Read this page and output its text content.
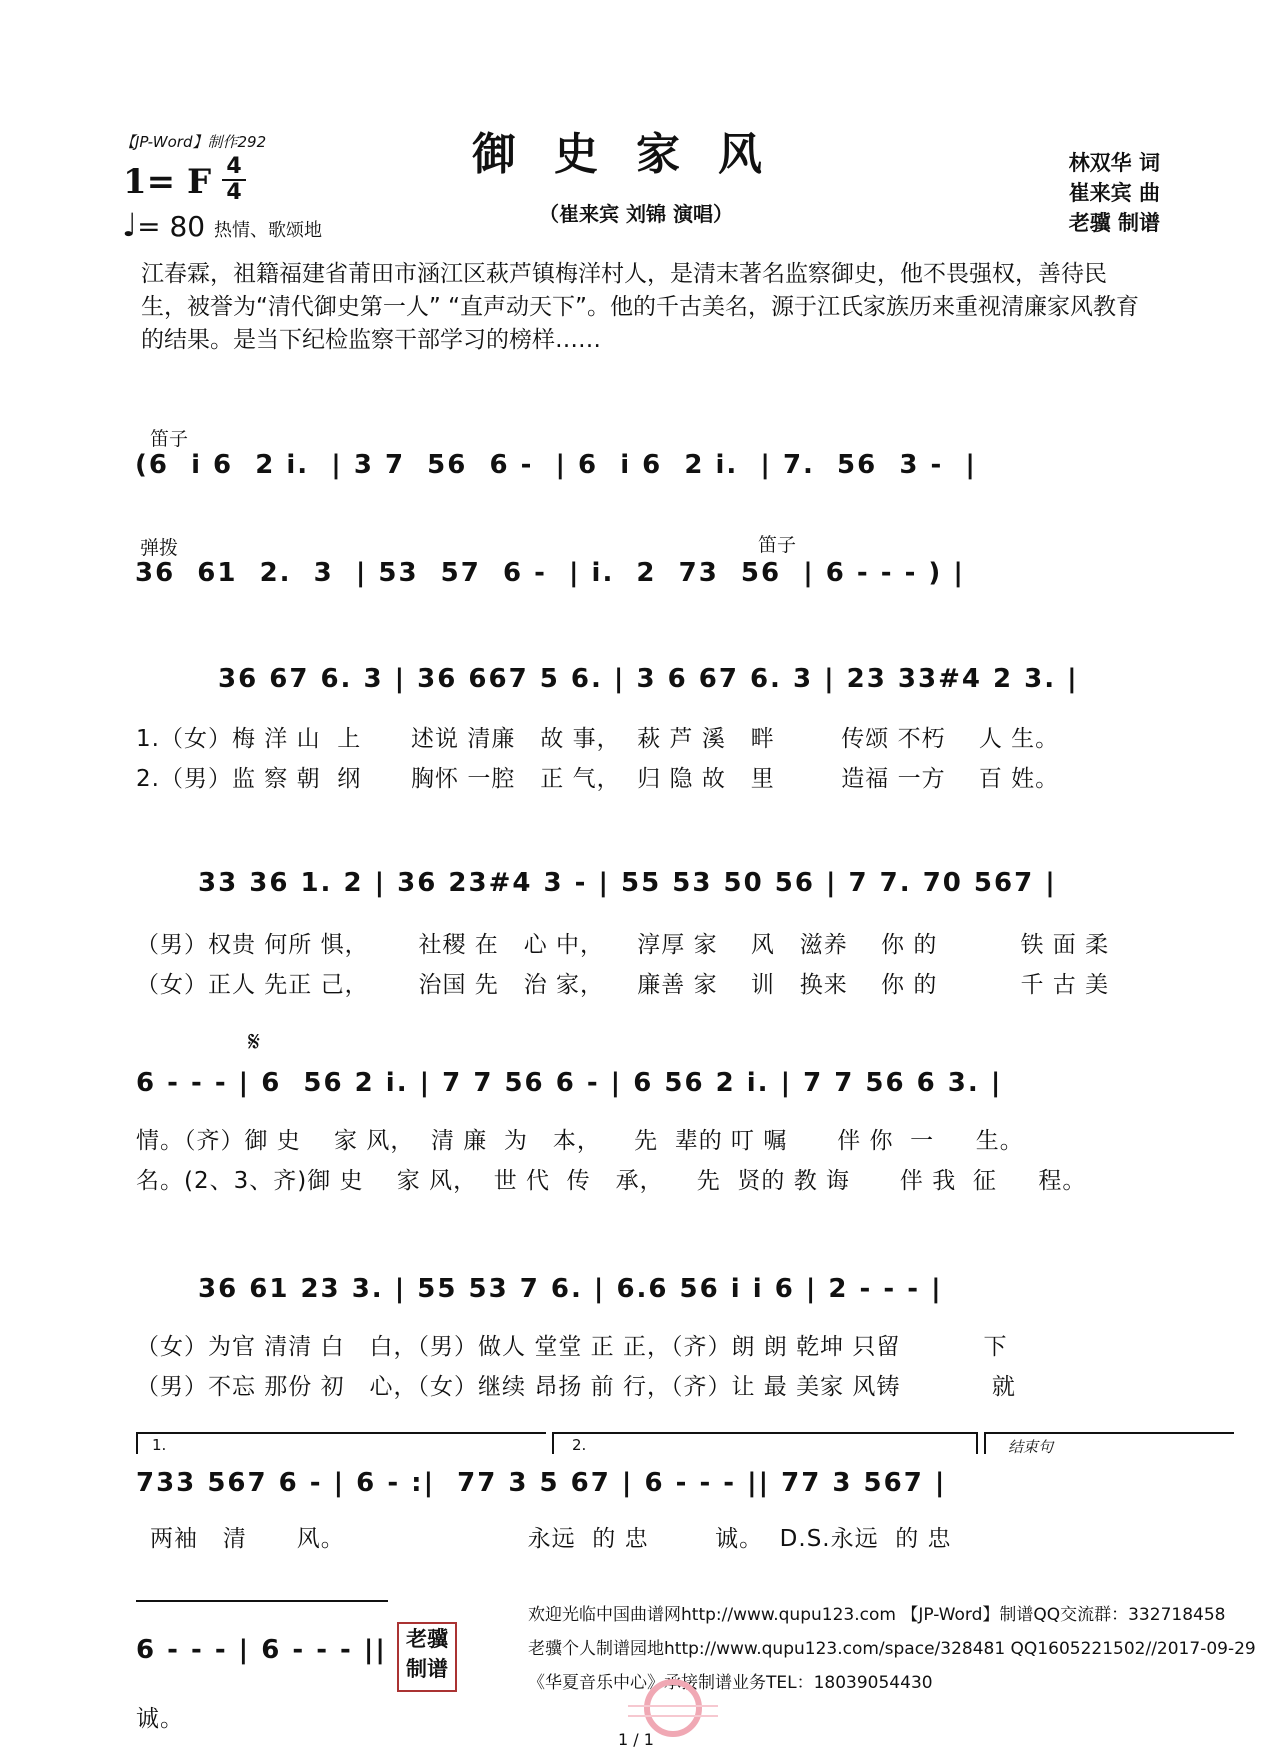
【JP-Word】制作292	御史家风
（崔来宾 刘锦 演唱）
1= F 4
4
♩= 80 热情、歌颂地
林双华 词
崔来宾 曲
老骥 制谱
江春霖，祖籍福建省莆田市涵江区萩芦镇梅洋村人，是清末著名监察御史，他不畏强权，善待民生，被誉为“清代御史第一人” “直声动天下”。他的千古美名，源于江氏家族历来重视清廉家风教育的结果。是当下纪检监察干部学习的榜样……
笛子
(6  i 6  2 i.  | 3 7  56  6 -  | 6  i 6  2 i.  | 7.  56  3 -  |
弹拨	笛子
36  61  2.  3  | 53  57  6 -  | i.  2  73  56  | 6 - - - ) |
36 67 6. 3 | 36 667 5 6. | 3 6 67 6. 3 | 23 33#4 2 3. |
1.（女）梅 洋 山  上      述说 清廉   故 事，  萩 芦 溪   畔        传颂 不朽    人 生。
2.（男）监 察 朝  纲      胸怀 一腔   正 气，  归 隐 故   里        造福 一方    百 姓。
33 36 1. 2 | 36 23#4 3 - | 55 53 50 56 | 7 7. 70 567 |
（男）权贵 何所 惧，      社稷 在   心 中，    淳厚 家    风   滋养    你 的          铁 面 柔
（女）正人 先正 己，      治国 先   治 家，    廉善 家    训   换来    你 的          千 古 美
𝄋
6 - - - | 6  56 2 i. | 7 7 56 6 - | 6 56 2 i. | 7 7 56 6 3. |
情。（齐）御 史    家 风，  清 廉  为   本，    先  辈的 叮 嘱      伴 你  一     生。
名。(2、3、齐)御 史    家 风，  世 代  传   承，    先  贤的 教 诲      伴 我  征     程。
36 61 23 3. | 55 53 7 6. | 6.6 56 i i 6 | 2 - - - |
（女）为官 清清 白   白，（男）做人 堂堂 正 正，（齐）朗 朗 乾坤 只留          下
（男）不忘 那份 初   心，（女）继续 昂扬 前 行，（齐）让 最 美家 风铸           就
1.	2.	结束句
733 567 6 - | 6 - :|  77 3 5 67 | 6 - - - || 77 3 567 |
两袖   清      风。                      永远  的 忠        诚。  D.S.永远  的 忠
6 - - - | 6 - - - ||
诚。
老骥 制谱
欢迎光临中国曲谱网http://www.qupu123.com 【JP-Word】制谱QQ交流群：332718458
老骥个人制谱园地http://www.qupu123.com/space/328481 QQ1605221502//2017-09-29
《华夏音乐中心》承接制谱业务TEL：18039054430
1 / 1
